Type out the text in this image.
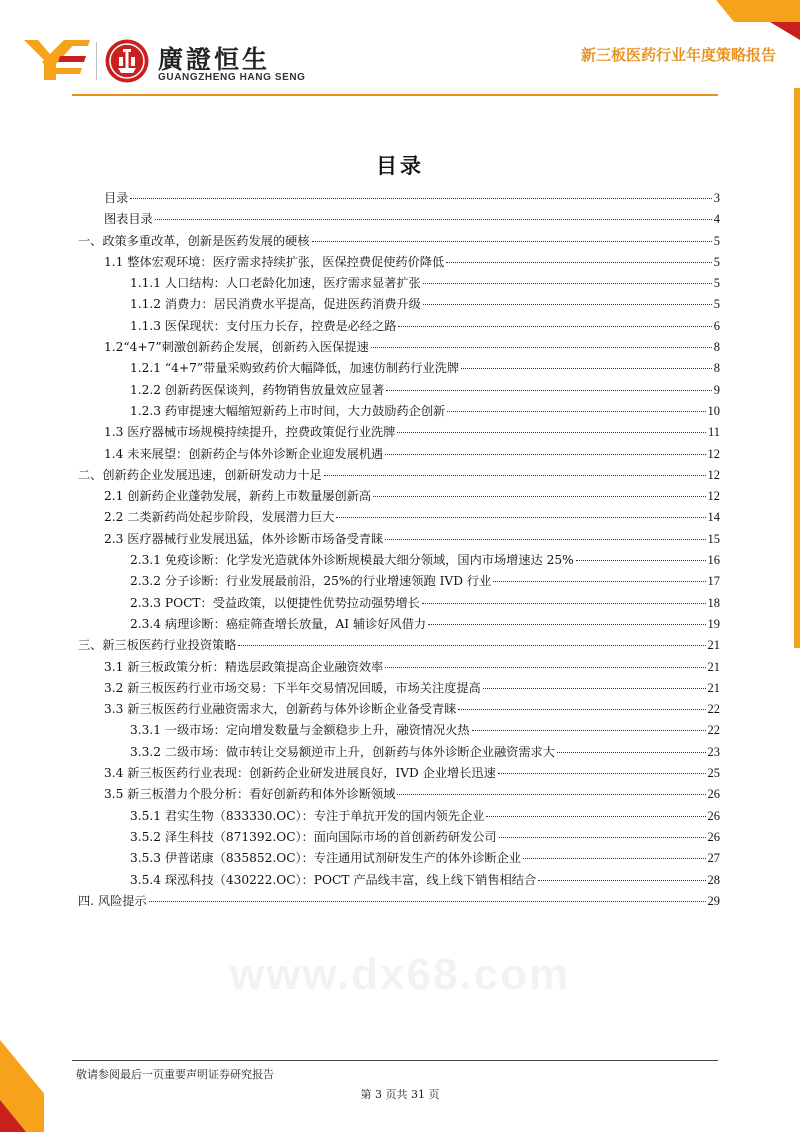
廣證恒生
GUANGZHENG HANG SENG
新三板医药行业年度策略报告
目录
目录	3
图表目录	4
一、政策多重改革，创新是医药发展的硬核	5
1.1 整体宏观环境：医疗需求持续扩张，医保控费促使药价降低	5
1.1.1 人口结构：人口老龄化加速，医疗需求显著扩张	5
1.1.2 消费力：居民消费水平提高，促进医药消费升级	5
1.1.3 医保现状：支付压力长存，控费是必经之路	6
1.2“4+7”刺激创新药企发展，创新药入医保提速	8
1.2.1 “4+7”带量采购致药价大幅降低，加速仿制药行业洗牌	8
1.2.2 创新药医保谈判，药物销售放量效应显著	9
1.2.3 药审提速大幅缩短新药上市时间，大力鼓励药企创新	10
1.3 医疗器械市场规模持续提升，控费政策促行业洗牌	11
1.4 未来展望：创新药企与体外诊断企业迎发展机遇	12
二、创新药企业发展迅速，创新研发动力十足	12
2.1 创新药企业蓬勃发展，新药上市数量屡创新高	12
2.2 二类新药尚处起步阶段，发展潜力巨大	14
2.3 医疗器械行业发展迅猛，体外诊断市场备受青睐	15
2.3.1 免疫诊断：化学发光造就体外诊断规模最大细分领域，国内市场增速达 25%	16
2.3.2 分子诊断：行业发展最前沿，25%的行业增速领跑 IVD 行业	17
2.3.3 POCT：受益政策，以便捷性优势拉动强势增长	18
2.3.4 病理诊断：癌症筛查增长放量，AI 辅诊好风借力	19
三、新三板医药行业投资策略	21
3.1 新三板政策分析：精选层政策提高企业融资效率	21
3.2 新三板医药行业市场交易：下半年交易情况回暖，市场关注度提高	21
3.3 新三板医药行业融资需求大，创新药与体外诊断企业备受青睐	22
3.3.1 一级市场：定向增发数量与金额稳步上升，融资情况火热	22
3.3.2 二级市场：做市转让交易额逆市上升，创新药与体外诊断企业融资需求大	23
3.4 新三板医药行业表现：创新药企业研发进展良好，IVD 企业增长迅速	25
3.5 新三板潜力个股分析：看好创新药和体外诊断领域	26
3.5.1 君实生物（833330.OC）：专注于单抗开发的国内领先企业	26
3.5.2 泽生科技（871392.OC）：面向国际市场的首创新药研发公司	26
3.5.3 伊普诺康（835852.OC）：专注通用试剂研发生产的体外诊断企业	27
3.5.4 琛泓科技（430222.OC）：POCT 产品线丰富，线上线下销售相结合	28
四. 风险提示	29
www.dx68.com
敬请参阅最后一页重要声明证券研究报告
第 3 页共 31 页
